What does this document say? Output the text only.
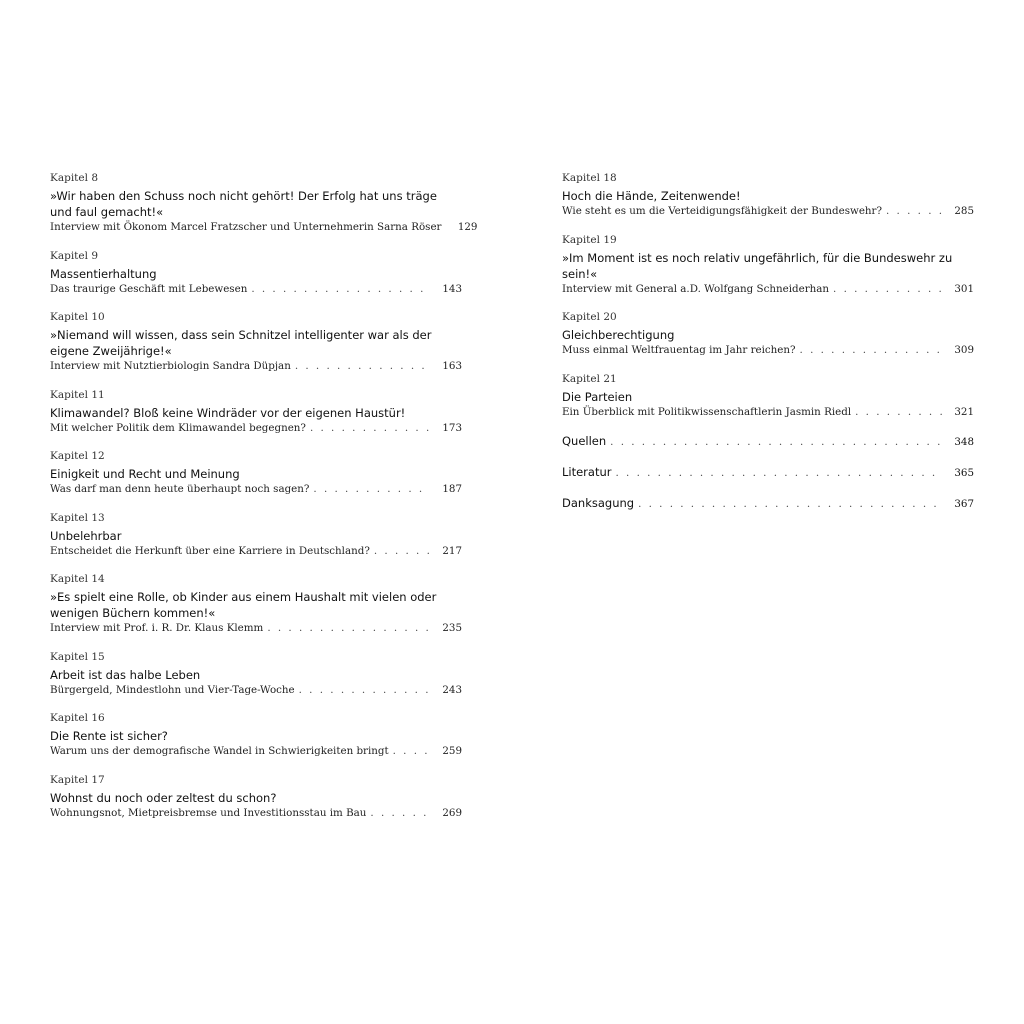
Kapitel 8
»Wir haben den Schuss noch nicht gehört! Der Erfolg hat uns träge und faul gemacht!«
Interview mit Ökonom Marcel Fratzscher und Unternehmerin Sarna Röser	129
Kapitel 9
Massentierhaltung
Das traurige Geschäft mit Lebewesen . . .	143
Kapitel 10
»Niemand will wissen, dass sein Schnitzel intelligenter war als der eigene Zweijährige!«
Interview mit Nutztierbiologin Sandra Düpjan . . .	163
Kapitel 11
Klimawandel? Bloß keine Windräder vor der eigenen Haustür!
Mit welcher Politik dem Klimawandel begegnen? . . .	173
Kapitel 12
Einigkeit und Recht und Meinung
Was darf man denn heute überhaupt noch sagen? . . .	187
Kapitel 13
Unbelehrbar
Entscheidet die Herkunft über eine Karriere in Deutschland? . . .	217
Kapitel 14
»Es spielt eine Rolle, ob Kinder aus einem Haushalt mit vielen oder wenigen Büchern kommen!«
Interview mit Prof. i. R. Dr. Klaus Klemm . . .	235
Kapitel 15
Arbeit ist das halbe Leben
Bürgergeld, Mindestlohn und Vier-Tage-Woche . . .	243
Kapitel 16
Die Rente ist sicher?
Warum uns der demografische Wandel in Schwierigkeiten bringt . . .	259
Kapitel 17
Wohnst du noch oder zeltest du schon?
Wohnungsnot, Mietpreisbremse und Investitionsstau im Bau . . .	269
Kapitel 18
Hoch die Hände, Zeitenwende!
Wie steht es um die Verteidigungsfähigkeit der Bundeswehr? . . .	285
Kapitel 19
»Im Moment ist es noch relativ ungefährlich, für die Bundeswehr zu sein!«
Interview mit General a.D. Wolfgang Schneiderhan . . .	301
Kapitel 20
Gleichberechtigung
Muss einmal Weltfrauentag im Jahr reichen? . . .	309
Kapitel 21
Die Parteien
Ein Überblick mit Politikwissenschaftlerin Jasmin Riedl . . .	321
Quellen . . .	348
Literatur . . .	365
Danksagung . . .	367
